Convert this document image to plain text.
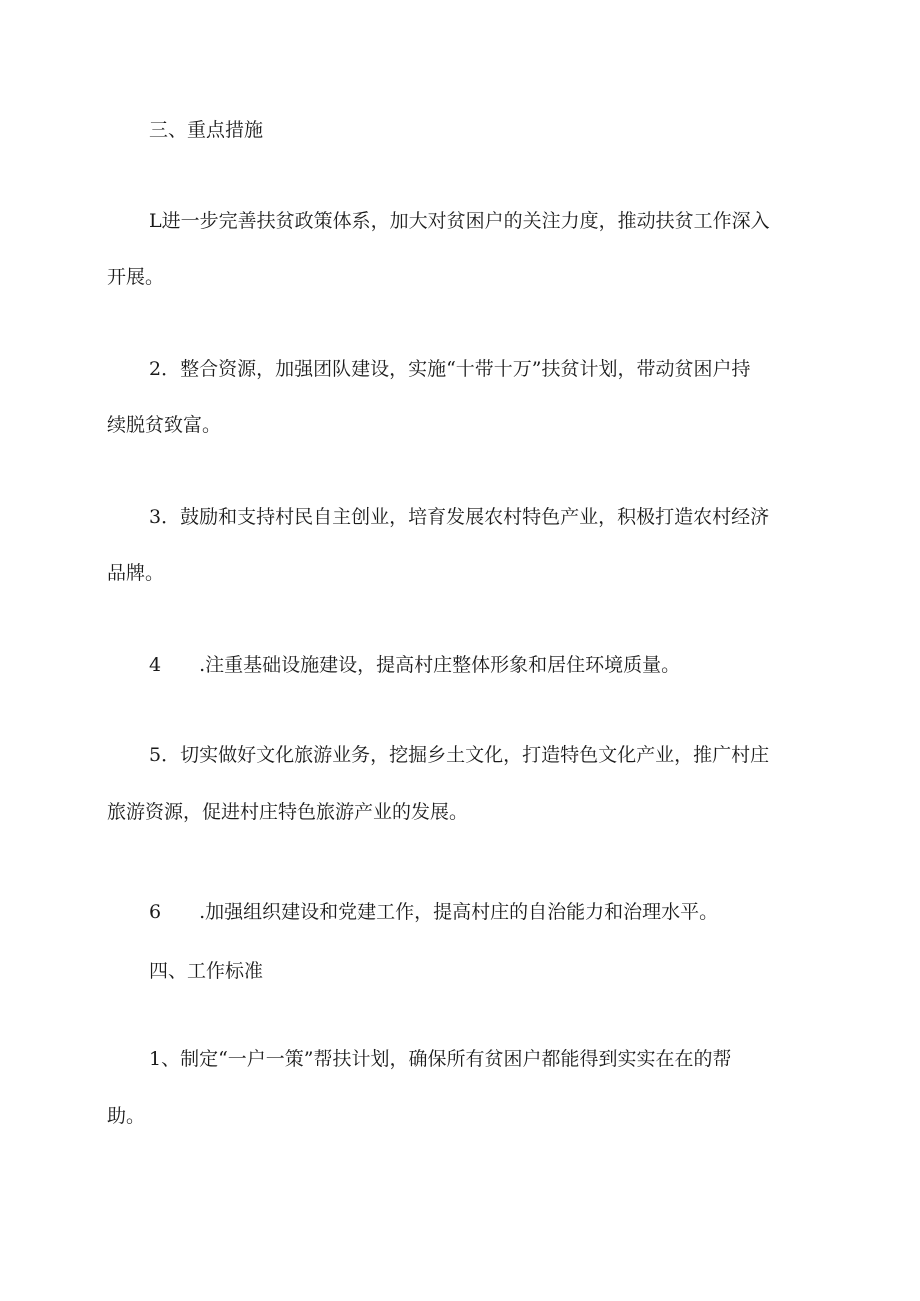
三、重点措施
L进一步完善扶贫政策体系，加大对贫困户的关注力度，推动扶贫工作深入
开展。
2．整合资源，加强团队建设，实施“十带十万”扶贫计划，带动贫困户持
续脱贫致富。
3．鼓励和支持村民自主创业，培育发展农村特色产业，积极打造农村经济
品牌。
4 .注重基础设施建设，提高村庄整体形象和居住环境质量。
5．切实做好文化旅游业务，挖掘乡土文化，打造特色文化产业，推广村庄
旅游资源，促进村庄特色旅游产业的发展。
6 .加强组织建设和党建工作，提高村庄的自治能力和治理水平。
四、工作标准
1、制定“一户一策”帮扶计划，确保所有贫困户都能得到实实在在的帮
助。
